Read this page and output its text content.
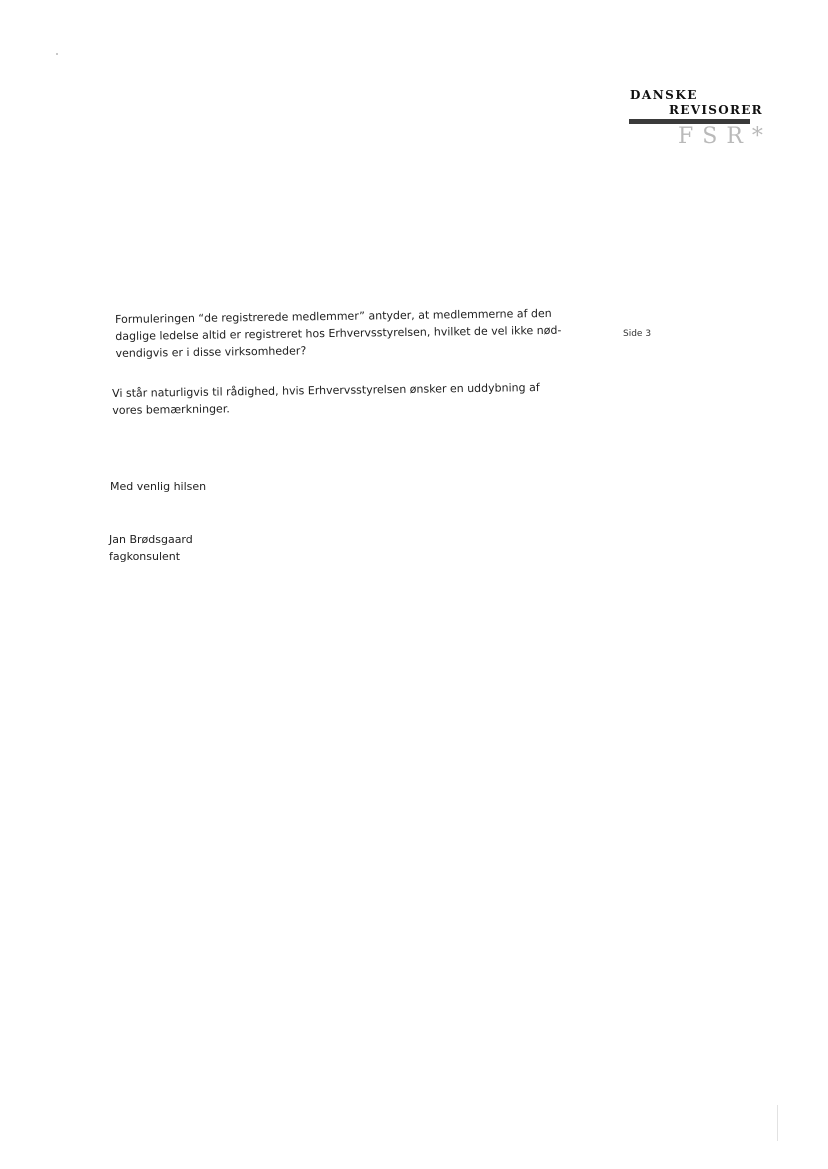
DANSKE
REVISORER
FSR*
Side 3
Formuleringen “de registrerede medlemmer” antyder, at medlemmerne af den
daglige ledelse altid er registreret hos Erhvervsstyrelsen, hvilket de vel ikke nød-
vendigvis er i disse virksomheder?
Vi står naturligvis til rådighed, hvis Erhvervsstyrelsen ønsker en uddybning af
vores bemærkninger.
Med venlig hilsen
Jan Brødsgaard
fagkonsulent
